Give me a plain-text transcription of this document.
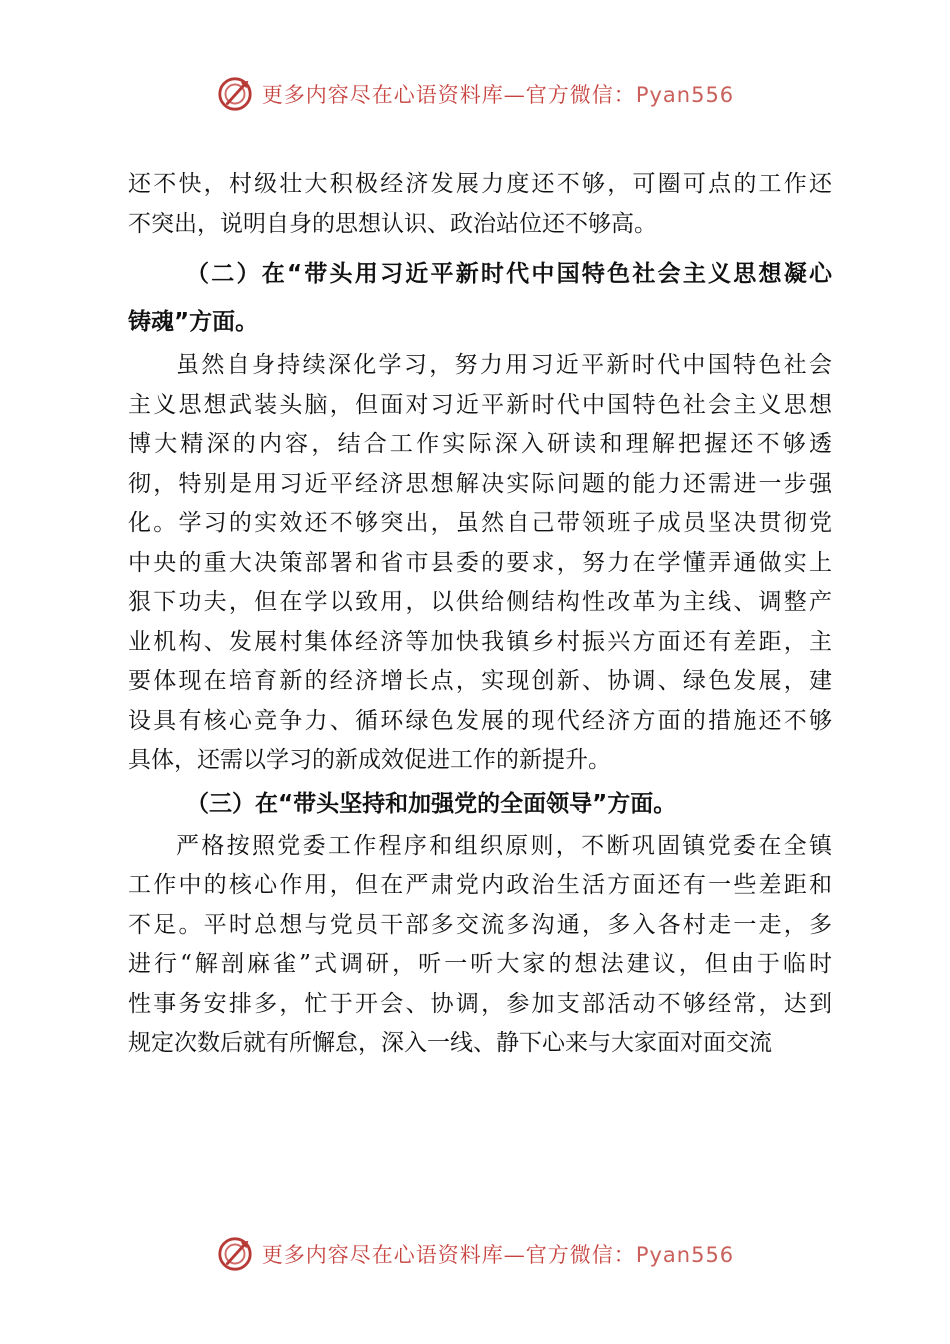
更多内容尽在心语资料库—官方微信：Pyan556
还不快，村级壮大积极经济发展力度还不够，可圈可点的工作还
不突出，说明自身的思想认识、政治站位还不够高。
（二）在“带头用习近平新时代中国特色社会主义思想凝心
铸魂”方面。
虽然自身持续深化学习，努力用习近平新时代中国特色社会
主义思想武装头脑，但面对习近平新时代中国特色社会主义思想
博大精深的内容，结合工作实际深入研读和理解把握还不够透
彻，特别是用习近平经济思想解决实际问题的能力还需进一步强
化。学习的实效还不够突出，虽然自己带领班子成员坚决贯彻党
中央的重大决策部署和省市县委的要求，努力在学懂弄通做实上
狠下功夫，但在学以致用，以供给侧结构性改革为主线、调整产
业机构、发展村集体经济等加快我镇乡村振兴方面还有差距，主
要体现在培育新的经济增长点，实现创新、协调、绿色发展，建
设具有核心竞争力、循环绿色发展的现代经济方面的措施还不够
具体，还需以学习的新成效促进工作的新提升。
（三）在“带头坚持和加强党的全面领导”方面。
严格按照党委工作程序和组织原则，不断巩固镇党委在全镇
工作中的核心作用，但在严肃党内政治生活方面还有一些差距和
不足。平时总想与党员干部多交流多沟通，多入各村走一走，多
进行“解剖麻雀”式调研，听一听大家的想法建议，但由于临时
性事务安排多，忙于开会、协调，参加支部活动不够经常，达到
规定次数后就有所懈怠，深入一线、静下心来与大家面对面交流
更多内容尽在心语资料库—官方微信：Pyan556
